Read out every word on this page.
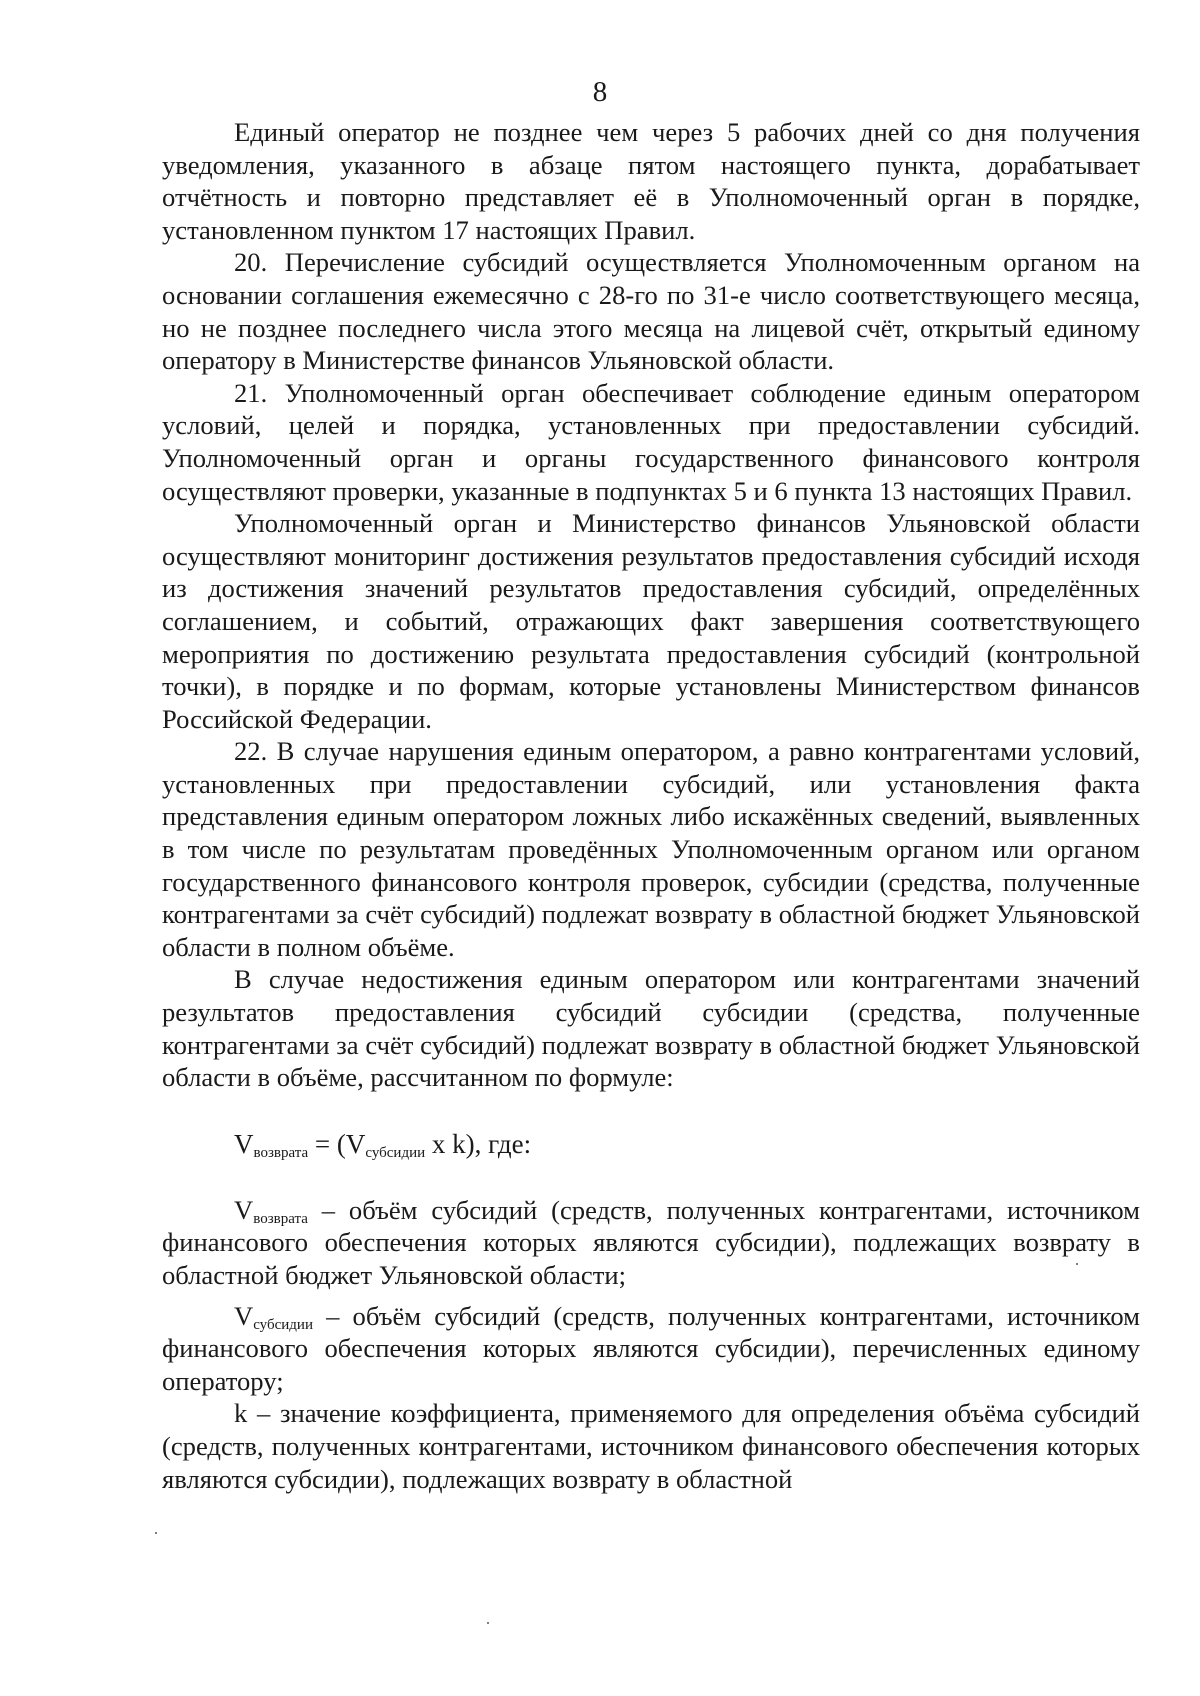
8

Единый оператор не позднее чем через 5 рабочих дней со дня получения уведомления, указанного в абзаце пятом настоящего пункта, дорабатывает отчётность и повторно представляет её в Уполномоченный орган в порядке, установленном пунктом 17 настоящих Правил.

20. Перечисление субсидий осуществляется Уполномоченным органом на основании соглашения ежемесячно с 28-го по 31-е число соответствующего месяца, но не позднее последнего числа этого месяца на лицевой счёт, открытый единому оператору в Министерстве финансов Ульяновской области.

21. Уполномоченный орган обеспечивает соблюдение единым оператором условий, целей и порядка, установленных при предоставлении субсидий. Уполномоченный орган и органы государственного финансового контроля осуществляют проверки, указанные в подпунктах 5 и 6 пункта 13 настоящих Правил.

Уполномоченный орган и Министерство финансов Ульяновской области осуществляют мониторинг достижения результатов предоставления субсидий исходя из достижения значений результатов предоставления субсидий, определённых соглашением, и событий, отражающих факт завершения соответствующего мероприятия по достижению результата предоставления субсидий (контрольной точки), в порядке и по формам, которые установлены Министерством финансов Российской Федерации.

22. В случае нарушения единым оператором, а равно контрагентами условий, установленных при предоставлении субсидий, или установления факта представления единым оператором ложных либо искажённых сведений, выявленных в том числе по результатам проведённых Уполномоченным органом или органом государственного финансового контроля проверок, субсидии (средства, полученные контрагентами за счёт субсидий) подлежат возврату в областной бюджет Ульяновской области в полном объёме.

В случае недостижения единым оператором или контрагентами значений результатов предоставления субсидий субсидии (средства, полученные контрагентами за счёт субсидий) подлежат возврату в областной бюджет Ульяновской области в объёме, рассчитанном по формуле:

$V_{возврата} = (V_{субсидии}$ x k), где:

$V_{возврата}$ – объём субсидий (средств, полученных контрагентами, источником финансового обеспечения которых являются субсидии), подлежащих возврату в областной бюджет Ульяновской области;

$V_{субсидии}$ – объём субсидий (средств, полученных контрагентами, источником финансового обеспечения которых являются субсидии), перечисленных единому оператору;

k – значение коэффициента, применяемого для определения объёма субсидий (средств, полученных контрагентами, источником финансового обеспечения которых являются субсидии), подлежащих возврату в областной
